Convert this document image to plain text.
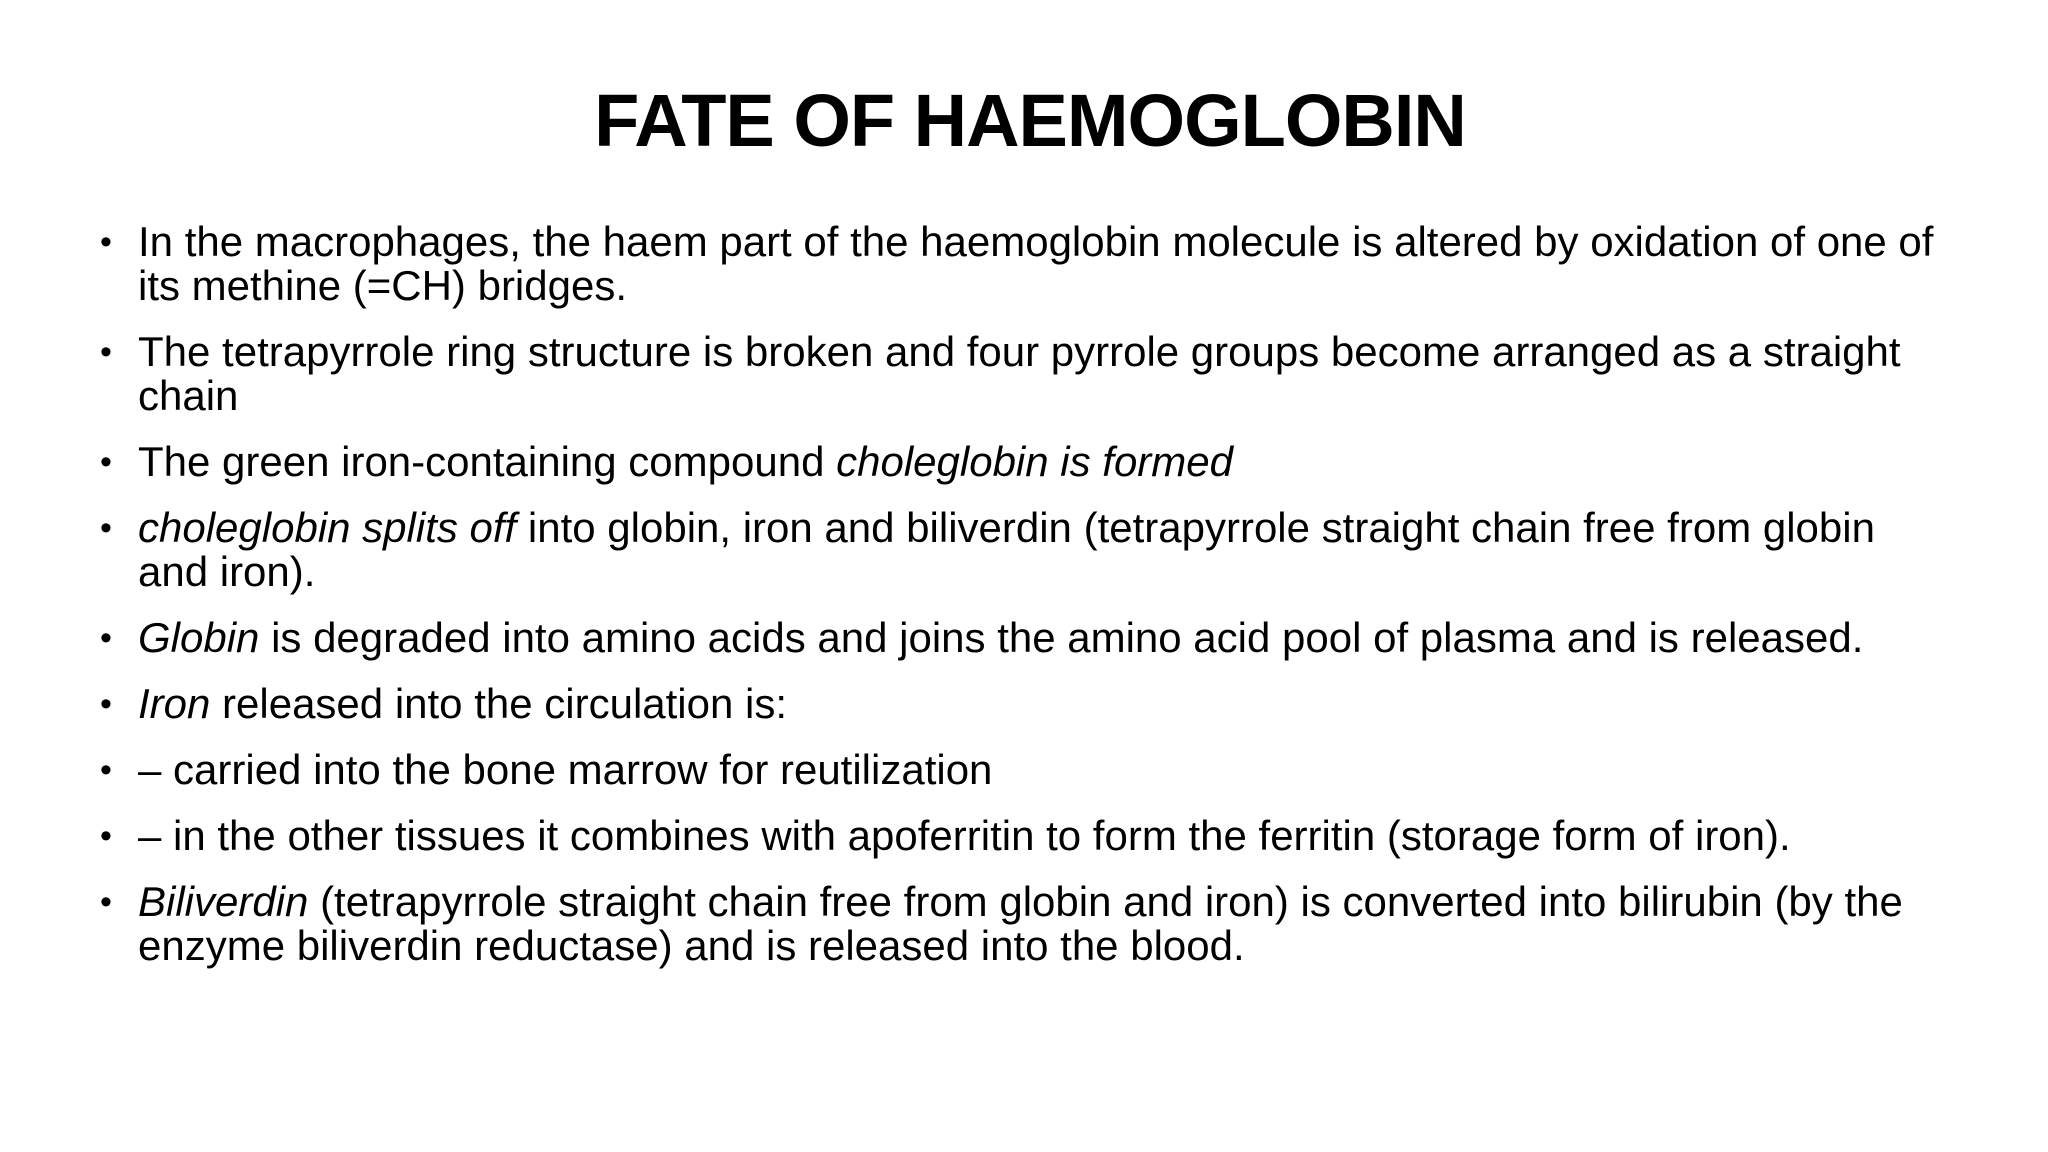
FATE OF HAEMOGLOBIN
• In the macrophages, the haem part of the haemoglobin molecule is altered by oxidation of one of its methine (=CH) bridges.
• The tetrapyrrole ring structure is broken and four pyrrole groups become arranged as a straight chain
• The green iron-containing compound choleglobin is formed
• choleglobin splits off into globin, iron and biliverdin (tetrapyrrole straight chain free from globin and iron).
• Globin is degraded into amino acids and joins the amino acid pool of plasma and is released.
• Iron released into the circulation is:
• – carried into the bone marrow for reutilization
• – in the other tissues it combines with apoferritin to form the ferritin (storage form of iron).
• Biliverdin (tetrapyrrole straight chain free from globin and iron) is converted into bilirubin (by the enzyme biliverdin reductase) and is released into the blood.
